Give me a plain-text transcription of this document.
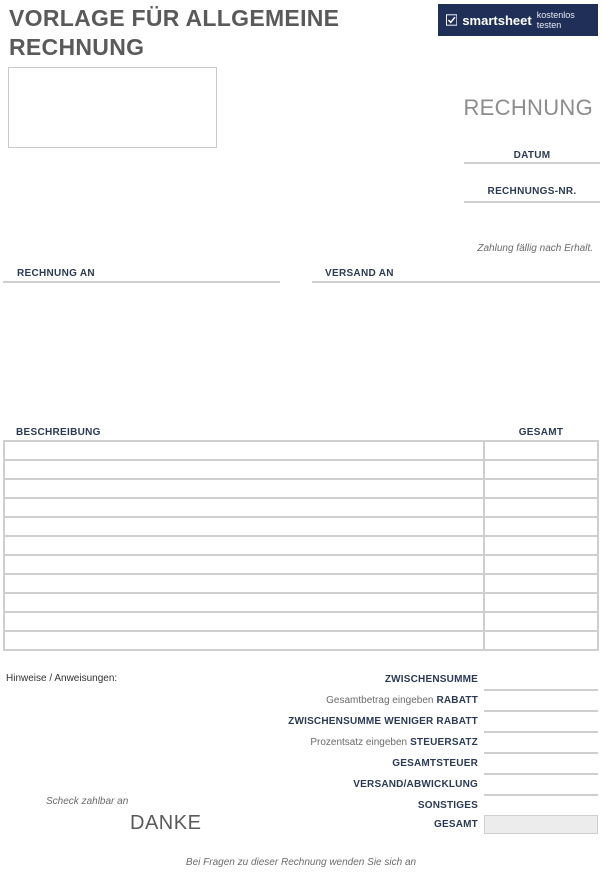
VORLAGE FÜR ALLGEMEINE RECHNUNG
smartsheet kostenlos testen
RECHNUNG
DATUM
RECHNUNGS-NR.
Zahlung fällig nach Erhalt.
RECHNUNG AN	VERSAND AN
BESCHREIBUNG	GESAMT

Hinweise / Anweisungen:	ZWISCHENSUMME
Gesamtbetrag eingeben RABATT
ZWISCHENSUMME WENIGER RABATT
Prozentsatz eingeben STEUERSATZ
GESAMTSTEUER
VERSAND/ABWICKLUNG
SONSTIGES
GESAMT
Scheck zahlbar an
DANKE
Bei Fragen zu dieser Rechnung wenden Sie sich an
